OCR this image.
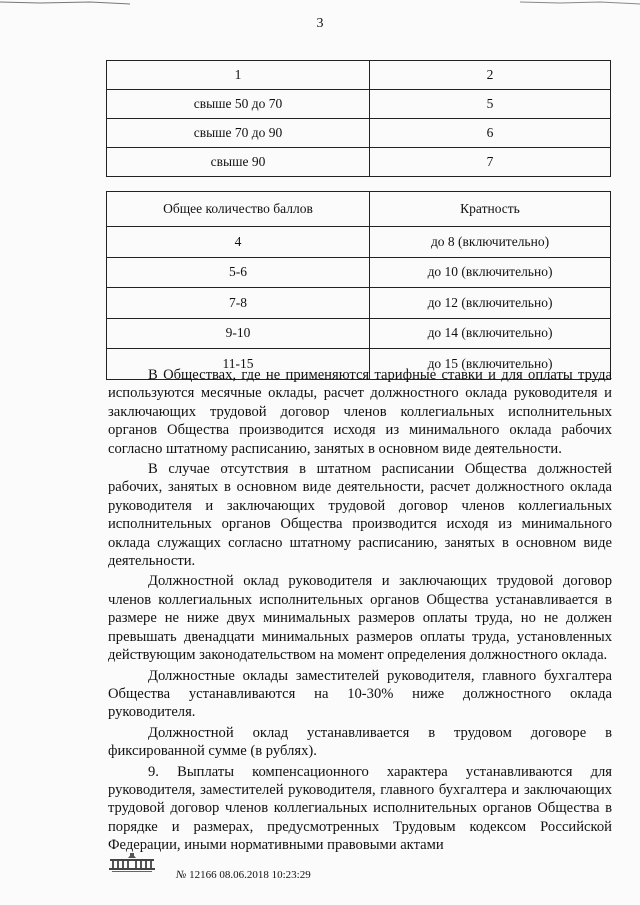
3
1	2
свыше 50 до 70	5
свыше 70 до 90	6
свыше 90	7
Общее количество баллов	Кратность
4	до 8 (включительно)
5-6	до 10 (включительно)
7-8	до 12 (включительно)
9-10	до 14 (включительно)
11-15	до 15 (включительно)

В Обществах, где не применяются тарифные ставки и для оплаты труда используются месячные оклады, расчет должностного оклада руководителя и заключающих трудовой договор членов коллегиальных исполнительных органов Общества производится исходя из минимального оклада рабочих согласно штатному расписанию, занятых в основном виде деятельности.

В случае отсутствия в штатном расписании Общества должностей рабочих, занятых в основном виде деятельности, расчет должностного оклада руководителя и заключающих трудовой договор членов коллегиальных исполнительных органов Общества производится исходя из минимального оклада служащих согласно штатному расписанию, занятых в основном виде деятельности.

Должностной оклад руководителя и заключающих трудовой договор членов коллегиальных исполнительных органов Общества устанавливается в размере не ниже двух минимальных размеров оплаты труда, но не должен превышать двенадцати минимальных размеров оплаты труда, установленных действующим законодательством на момент определения должностного оклада.

Должностные оклады заместителей руководителя, главного бухгалтера Общества устанавливаются на 10-30% ниже должностного оклада руководителя.

Должностной оклад устанавливается в трудовом договоре в фиксированной сумме (в рублях).

9. Выплаты компенсационного характера устанавливаются для руководителя, заместителей руководителя, главного бухгалтера и заключающих трудовой договор членов коллегиальных исполнительных органов Общества в порядке и размерах, предусмотренных Трудовым кодексом Российской Федерации, иными нормативными правовыми актами

№ 12166 08.06.2018 10:23:29
